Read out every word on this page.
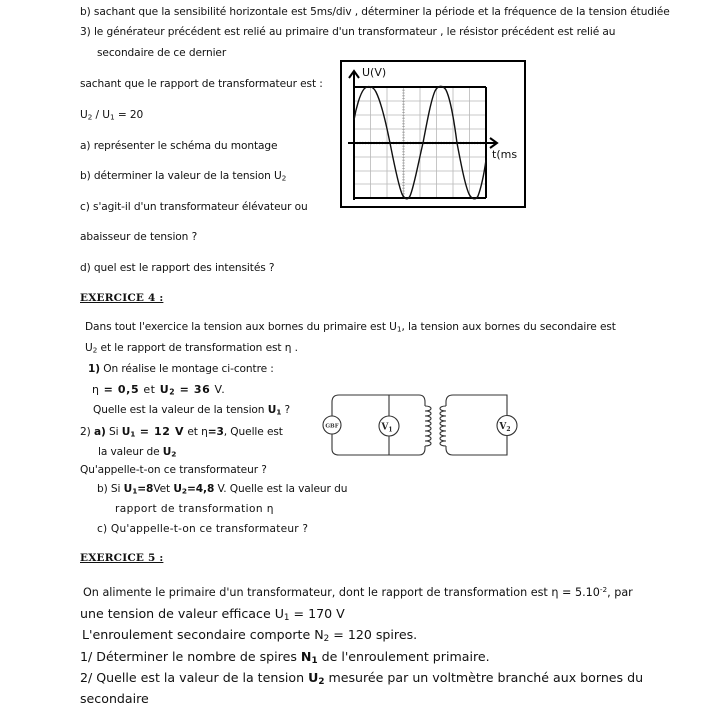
b) sachant que la sensibilité horizontale est 5ms/div , déterminer la période et la fréquence de la tension étudiée
3) le générateur précédent est relié au primaire d'un transformateur , le résistor précédent est relié au
secondaire de ce dernier
sachant que le rapport de transformateur est :
$U_2 / U_1 = 20$
a) représenter le schéma du montage
b) déterminer la valeur de la tension $U_2$
c) s'agit-il d'un transformateur élévateur ou
abaisseur de tension ?
d) quel est le rapport des intensités ?
U(V)
t(ms
EXERCICE 4 :
Dans tout l'exercice la tension aux bornes du primaire est $U_1$, la tension aux bornes du secondaire est
$U_2$ et le rapport de transformation est η .
1) On réalise le montage ci-contre :
η = 0,5 et $U_2 = 36$ V.
Quelle est la valeur de la tension $U_1$ ?
2) a) Si $U_1 = 12$ V et η=3, Quelle est
la valeur de $U_2$
Qu'appelle-t-on ce transformateur ?
b) Si $U_1=8Vet$ $U_2=4,8$ V. Quelle est la valeur du
rapport de transformation η
c) Qu'appelle-t-on ce transformateur ?
GBF	$V_1$	$V_2$
EXERCICE 5 :
On alimente le primaire d'un transformateur, dont le rapport de transformation est $\eta = 5.10^{-2}$, par
une tension de valeur efficace $U_1 = 170$ V
L'enroulement secondaire comporte $N_2 = 120$ spires.
1/ Déterminer le nombre de spires $N_1$ de l'enroulement primaire.
2/ Quelle est la valeur de la tension $U_2$ mesurée par un voltmètre branché aux bornes du
secondaire
